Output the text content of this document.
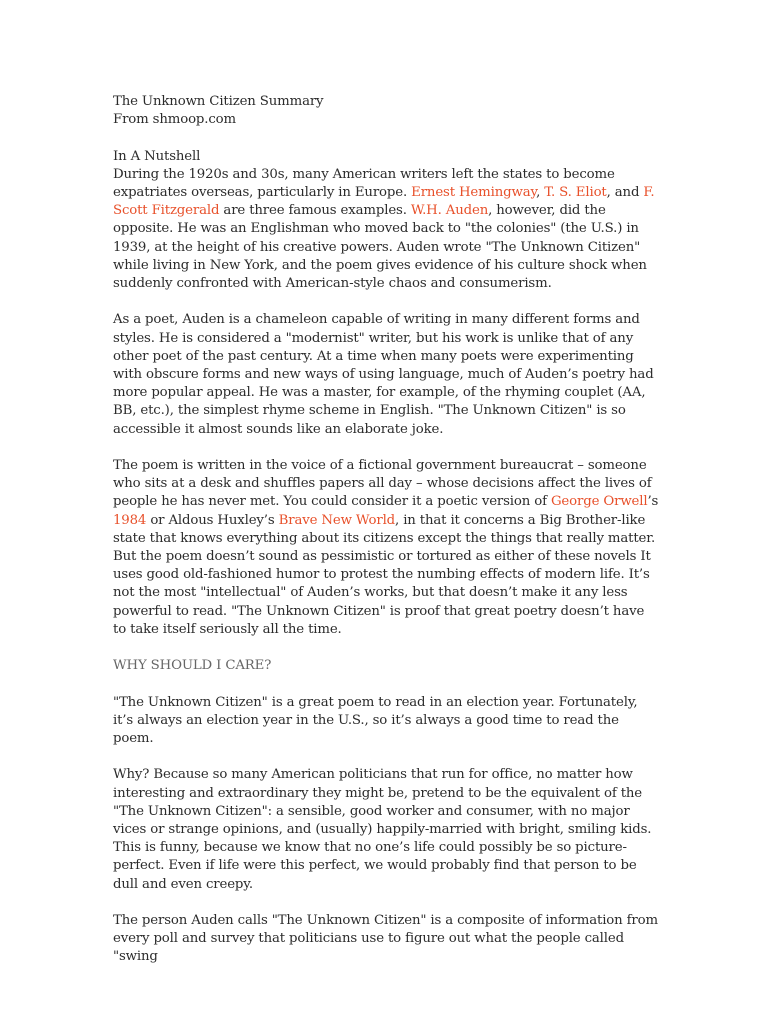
The Unknown Citizen Summary
From shmoop.com
In A Nutshell

During the 1920s and 30s, many American writers left the states to become expatriates overseas, particularly in Europe. Ernest Hemingway, T. S. Eliot, and F. Scott Fitzgerald are three famous examples. W.H. Auden, however, did the opposite. He was an Englishman who moved back to "the colonies" (the U.S.) in 1939, at the height of his creative powers. Auden wrote "The Unknown Citizen" while living in New York, and the poem gives evidence of his culture shock when suddenly confronted with American-style chaos and consumerism.

As a poet, Auden is a chameleon capable of writing in many different forms and styles. He is considered a "modernist" writer, but his work is unlike that of any other poet of the past century. At a time when many poets were experimenting with obscure forms and new ways of using language, much of Auden’s poetry had more popular appeal. He was a master, for example, of the rhyming couplet (AA, BB, etc.), the simplest rhyme scheme in English. "The Unknown Citizen" is so accessible it almost sounds like an elaborate joke.

The poem is written in the voice of a fictional government bureaucrat – someone who sits at a desk and shuffles papers all day – whose decisions affect the lives of people he has never met. You could consider it a poetic version of George Orwell’s 1984 or Aldous Huxley’s Brave New World, in that it concerns a Big Brother-like state that knows everything about its citizens except the things that really matter. But the poem doesn’t sound as pessimistic or tortured as either of these novels It uses good old-fashioned humor to protest the numbing effects of modern life. It’s not the most "intellectual" of Auden’s works, but that doesn’t make it any less powerful to read. "The Unknown Citizen" is proof that great poetry doesn’t have to take itself seriously all the time.

WHY SHOULD I CARE?

"The Unknown Citizen" is a great poem to read in an election year. Fortunately, it’s always an election year in the U.S., so it’s always a good time to read the poem.

Why? Because so many American politicians that run for office, no matter how interesting and extraordinary they might be, pretend to be the equivalent of the "The Unknown Citizen": a sensible, good worker and consumer, with no major vices or strange opinions, and (usually) happily-married with bright, smiling kids. This is funny, because we know that no one’s life could possibly be so picture-perfect. Even if life were this perfect, we would probably find that person to be dull and even creepy.

The person Auden calls "The Unknown Citizen" is a composite of information from every poll and survey that politicians use to figure out what the people called "swing
